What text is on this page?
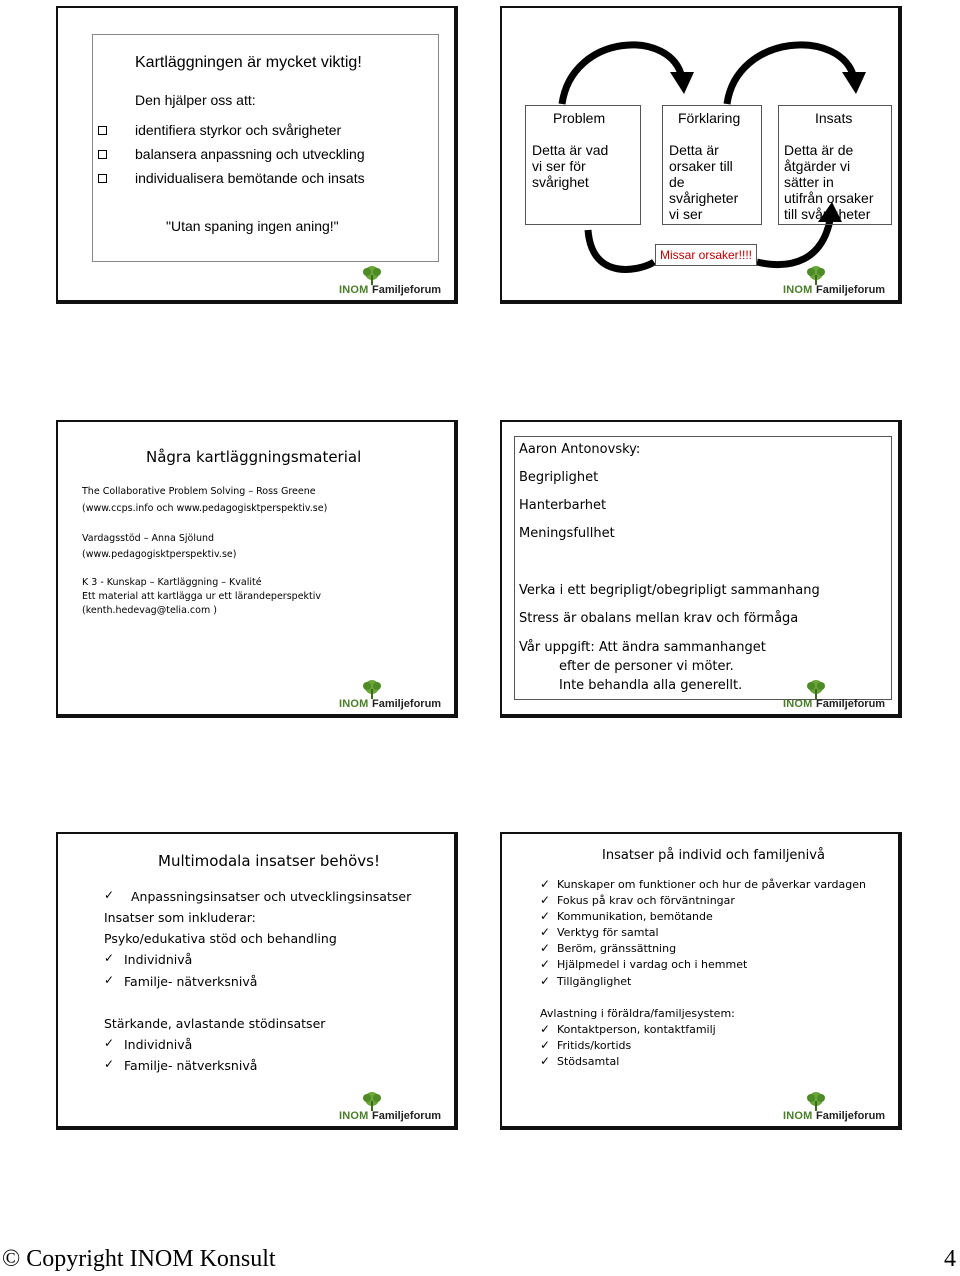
Kartläggningen är mycket viktig!
Den hjälper oss att:
identifiera styrkor och svårigheter
balansera anpassning och utveckling
individualisera bemötande och insats
"Utan spaning ingen aning!"
INOM Familjeforum
Problem
Detta är vad
vi ser för
svårighet
Förklaring
Detta är
orsaker till
de
svårigheter
vi ser
Insats
Detta är de
åtgärder vi
sätter in
utifrån orsaker
till svårigheter
Missar orsaker!!!!
INOM Familjeforum
Några kartläggningsmaterial
The Collaborative Problem Solving – Ross Greene
(www.ccps.info och www.pedagogisktperspektiv.se)
Vardagsstöd – Anna Sjölund
(www.pedagogisktperspektiv.se)
K 3 - Kunskap – Kartläggning – Kvalité
Ett material att kartlägga ur ett lärandeperspektiv
(kenth.hedevag@telia.com )
INOM Familjeforum
Aaron Antonovsky:
Begriplighet
Hanterbarhet
Meningsfullhet
Verka i ett begripligt/obegripligt sammanhang
Stress är obalans mellan krav och förmåga
Vår uppgift: Att ändra sammanhanget
efter de personer vi möter.
Inte behandla alla generellt.
INOM Familjeforum
Multimodala insatser behövs!
✓ Anpassningsinsatser och utvecklingsinsatser
Insatser som inkluderar:
Psyko/edukativa stöd och behandling
✓ Individnivå
✓ Familje- nätverksnivå
Stärkande, avlastande stödinsatser
✓ Individnivå
✓ Familje- nätverksnivå
INOM Familjeforum
Insatser på individ och familjenivå
✓ Kunskaper om funktioner och hur de påverkar vardagen
✓ Fokus på krav och förväntningar
✓ Kommunikation, bemötande
✓ Verktyg för samtal
✓ Beröm, gränssättning
✓ Hjälpmedel i vardag och i hemmet
✓ Tillgänglighet
Avlastning i föräldra/familjesystem:
✓ Kontaktperson, kontaktfamilj
✓ Fritids/kortids
✓ Stödsamtal
INOM Familjeforum
© Copyright INOM Konsult	4
